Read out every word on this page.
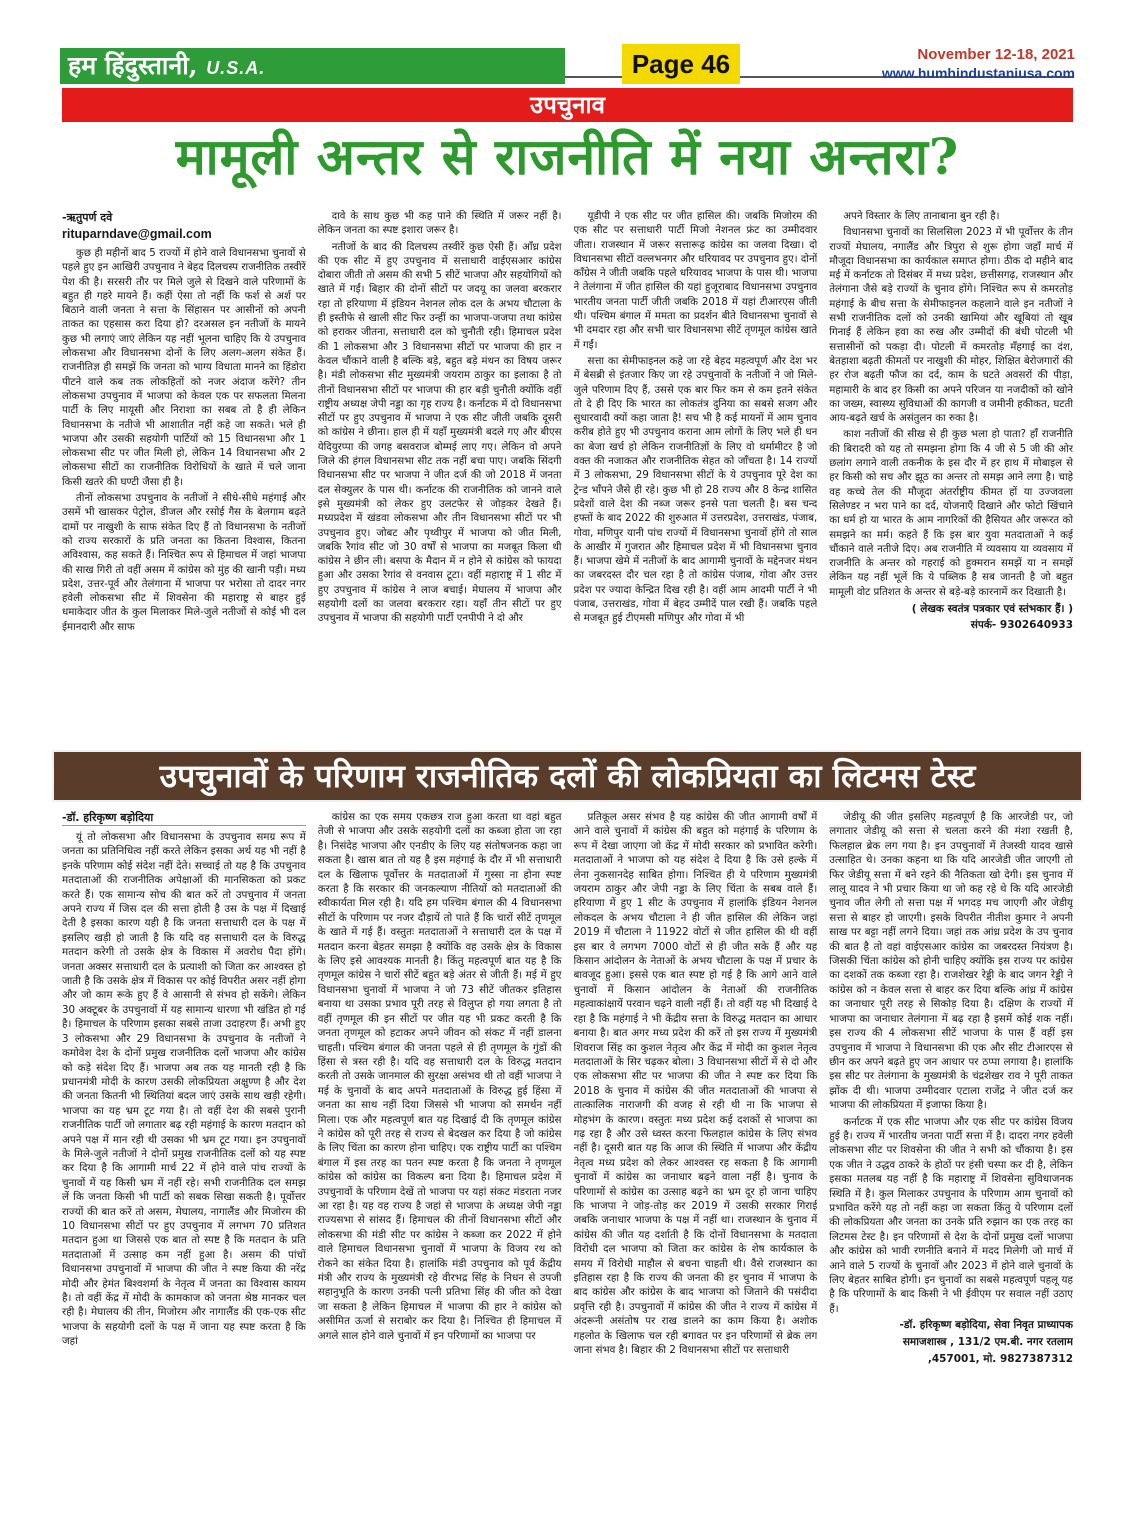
हम हिंदुस्तानी, U.S.A.	Page 46	November 12-18, 2021
www.humhindustaniusa.com
उपचुनाव
मामूली अन्तर से राजनीति में नया अन्तरा?
-ऋतुपर्ण दवे
rituparndave@gmail.com

कुछ ही महीनों बाद 5 राज्यों में होने वाले विधानसभा चुनावों से पहले हुए इन आखिरी उपचुनाव ने बेहद दिलचस्प राजनीतिक तस्वीरें पेश की है। सरसरी तौर पर मिले जुले से दिखने वाले परिणामों के बहुत ही गहरे मायने हैं। कहीं ऐसा तो नहीं कि फर्श से अर्श पर बिठाने वाली जनता ने सत्ता के सिंहासन पर आसीनों को अपनी ताकत का एहसास करा दिया हो? दरअसल इन नतीजों के मायने कुछ भी लगाएं जाएं लेकिन यह नहीं भूलना चाहिए कि ये उपचुनाव लोकसभा और विधानसभा दोनों के लिए अलग-अलग संकेत हैं। राजनीतिज्ञ ही समझें कि जनता को भाग्य विधाता मानने का हिंडोरा पीटने वाले कब तक लोकहितों को नजर अंदाज करेंगे? तीन लोकसभा उपचुनाव में भाजपा को केवल एक पर सफलता मिलना पार्टी के लिए मायूसी और निराशा का सबब तो है ही लेकिन विधानसभा के नतीजे भी आशातीत नहीं कहे जा सकते। भले ही भाजपा और उसकी सहयोगी पार्टियों को 15 विधानसभा और 1 लोकसभा सीट पर जीत मिली हो, लेकिन 14 विधानसभा और 2 लोकसभा सीटों का राजनीतिक विरोधियों के खाते में चले जाना किसी खतरे की घण्टी जैसा ही है।

तीनों लोकसभा उपचुनाव के नतीजों ने सीधे-सीधे महंगाई और उसमें भी खासकर पेट्रोल, डीजल और रसोई गैस के बेलगाम बढ़ते दामों पर नाखुशी के साफ संकेत दिए हैं तो विधानसभा के नतीजों को राज्य सरकारों के प्रति जनता का कितना विश्वास, कितना अविश्वास, कह सकते हैं। निश्चित रूप से हिमाचल में जहां भाजपा की साख गिरी तो वहीं असम में कांग्रेस को मुंह की खानी पड़ी। मध्य प्रदेश, उत्तर-पूर्व और तेलंगाना में भाजपा पर भरोसा तो दादर नगर हवेली लोकसभा सीट में शिवसेना की महाराष्ट्र से बाहर हुई धमाकेदार जीत के कुल मिलाकर मिले-जुले नतीजों से कोई भी दल ईमानदारी और साफ

दावे के साथ कुछ भी कह पाने की स्थिति में जरूर नहीं है। लेकिन जनता का स्पष्ट इशारा जरूर है।

नतीजों के बाद की दिलचस्प तस्वीरें कुछ ऐसी हैं। आँध्र प्रदेश की एक सीट में हुए उपचुनाव में सत्ताधारी वाईएसआर कांग्रेस दोबारा जीती तो असम की सभी 5 सीटें भाजपा और सहयोगियों को खाते में गईं। बिहार की दोनों सीटों पर जदयू का जलवा बरकरार रहा तो हरियाणा में इंडियन नेशनल लोक दल के अभय चौटाला के ही इस्तीफे से खाली सीट फिर उन्हीं का भाजपा-जजपा तथा कांग्रेस को हराकर जीतना, सत्ताधारी दल को चुनौती रही। हिमाचल प्रदेश की 1 लोकसभा और 3 विधानसभा सीटों पर भाजपा की हार न केवल चौंकाने वाली है बल्कि बड़े, बहुत बड़े मंथन का विषय जरूर है। मंडी लोकसभा सीट मुख्यमंत्री जयराम ठाकुर का इलाका है तो तीनों विधानसभा सीटों पर भाजपा की हार बड़ी चुनौती क्योंकि वहीं राष्ट्रीय अध्यक्ष जेपी नड्डा का गृह राज्य है। कर्नाटक में दो विधानसभा सीटों पर हुए उपचुनाव में भाजपा ने एक सीट जीती जबकि दूसरी को कांग्रेस ने छीना। हाल ही में यहाँ मुख्यमंत्री बदले गए और बीएस येदियुरप्पा की जगह बसवराज बोम्मई लाए गए। लेकिन वो अपने जिले की हंगल विधानसभा सीट तक नहीं बचा पाए। जबकि सिंदगी विधानसभा सीट पर भाजपा ने जीत दर्ज की जो 2018 में जनता दल सेक्युलर के पास थी। कर्नाटक की राजनीतिक को जानने वाले इसे मुख्यमंत्री को लेकर हुए उलटफेर से जोड़कर देखते हैं। मध्यप्रदेश में खंडवा लोकसभा और तीन विधानसभा सीटों पर भी उपचुनाव हुए। जोबट और पृथ्वीपुर में भाजपा को जीत मिली, जबकि रैगांव सीट जो 30 वर्षों से भाजपा का मजबूत किला थी कांग्रेस ने छीन ली। बसपा के मैदान में न होने से कांग्रेस को फायदा हुआ और उसका रैगांव से वनवास टूटा। वहीं महाराष्ट्र में 1 सीट में हुए उपचुनाव में कांग्रेस ने लाज बचाई। मेघालय में भाजपा और सहयोगी दलों का जलवा बरकरार रहा। यहाँ तीन सीटों पर हुए उपचुनाव में भाजपा की सहयोगी पार्टी एनपीपी ने दो और

यूडीपी ने एक सीट पर जीत हासिल की। जबकि मिजोरम की एक सीट पर सत्ताधारी पार्टी मिजो नेशनल फ्रंट का उम्मीदवार जीता। राजस्थान में जरूर सत्तारूढ़ कांग्रेस का जलवा दिखा। दो विधानसभा सीटों वल्लभनगर और धरियावद पर उपचुनाव हुए। दोनों कॉंग्रेस ने जीती जबकि पहले धरियावद भाजपा के पास थी। भाजपा ने तेलंगाना में जीत हासिल की यहां हुजूराबाद विधानसभा उपचुनाव भारतीय जनता पार्टी जीती जबकि 2018 में यहां टीआरएस जीती थी। पश्चिम बंगाल में ममता का प्रदर्शन बीते विधानसभा चुनावों से भी दमदार रहा और सभी चार विधानसभा सीटें तृणमूल कांग्रेस खाते में गईं।

सत्ता का सेमीफाइनल कहे जा रहे बेहद महत्वपूर्ण और देश भर में बेसब्री से इंतजार किए जा रहे उपचुनावों के नतीजों ने जो मिले-जुले परिणाम दिए हैं, उससे एक बार फिर कम से कम इतने संकेत तो दे ही दिए कि भारत का लोकतंत्र दुनिया का सबसे सजग और सुधारवादी क्यों कहा जाता है! सच भी है कई मायनों में आम चुनाव करीब होते हुए भी उपचुनाव कराना आम लोगों के लिए भले ही धन का बेजा खर्च हो लेकिन राजनीतिज्ञों के लिए वो थर्मामीटर है जो वक्त की नजाकत और राजनीतिक सेहत को जाँचता है। 14 राज्यों में 3 लोकसभा, 29 विधानसभा सीटों के ये उपचुनाव पूरे देश का ट्रेन्ड भाँपने जैसे ही रहे। कुछ भी हो 28 राज्य और 8 केन्द्र शासित प्रदेशों वाले देश की नब्ज जरूर इनसे पता चलती है। बस चन्द हफ्तों के बाद 2022 की शुरुआत में उत्तरप्रदेश, उत्तराखंड, पंजाब, गोवा, मणिपुर यानी पांच राज्यों में विधानसभा चुनावों होंगे तो साल के आखीर में गुजरात और हिमाचल प्रदेश में भी विधानसभा चुनाव हैं। भाजपा खेमे में नतीजों के बाद आगामी चुनावों के मद्देनजर मंथन का जबरदस्त दौर चल रहा है तो कांग्रेस पंजाब, गोवा और उत्तर प्रदेश पर ज्यादा केन्द्रित दिख रही है। वहीं आम आदमी पार्टी ने भी पंजाब, उत्तराखंड, गोवा में बेहद उम्मीदें पाल रखी हैं। जबकि पहले से मजबूत हुई टीएमसी मणिपुर और गोवा में भी

अपने विस्तार के लिए तानाबाना बुन रही है।

विधानसभा चुनावों का सिलसिला 2023 में भी पूर्वोत्तर के तीन राज्यों मेघालय, नगालैंड और त्रिपुरा से शुरू होगा जहाँ मार्च में मौजूदा विधानसभा का कार्यकाल समाप्त होगा। ठीक दो महीने बाद मई में कर्नाटक तो दिसंबर में मध्य प्रदेश, छत्तीसगढ़, राजस्थान और तेलंगाना जैसे बड़े राज्यों के चुनाव होंगे। निश्चित रूप से कमरतोड़ महंगाई के बीच सत्ता के सेमीफाइनल कहलाने वाले इन नतीजों ने सभी राजनीतिक दलों को उनकी खामियां और खूबियां तो खूब गिनाई हैं लेकिन हवा का रुख और उम्मीदों की बंधी पोटली भी सत्तासीनों को पकड़ा दी। पोटली में कमरतोड़ मँहगाई का दंश, बेतहाशा बढ़ती कीमतों पर नाखुशी की मोहर, शिक्षित बेरोजगारों की हर रोज बढ़ती फौज का दर्द, काम के घटते अवसरों की पीड़ा, महामारी के बाद हर किसी का अपने परिजन या नजदीकों को खोने का जख्म, स्वास्थ्य सुविधाओं की कागजी व जमीनी हकीकत, घटती आय-बढ़ते खर्च के असंतुलन का रुका है।

काश नतीजों की सीख से ही कुछ भला हो पाता? हाँ राजनीति की बिरादरी को यह तो समझना होगा कि 4 जी से 5 जी की ओर छलांग लगाने वाली तकनीक के इस दौर में हर हाथ में मोबाइल से हर किसी को सच और झूठ का अन्तर तो समझ आने लगा है। चाहे वह कच्चे तेल की मौजूदा अंतर्राष्ट्रीय कीमत हों या उज्जवला सिलेण्डर न भरा पाने का दर्द, योजनाएँ दिखाने और फोटो खिंचाने का धर्म हो या भारत के आम नागरिकों की हैसियत और जरूरत को समझने का मर्म। कहते हैं कि इस बार युवा मतदाताओं ने कई चौंकाने वाले नतीजे दिए। अब राजनीति में व्यवसाय या व्यवसाय में राजनीति के अन्तर को गहराई को हुक्मरान समझें या न समझें लेकिन यह नहीं भूलें कि ये पब्लिक है सब जानती है जो बहुत मामूली वोट प्रतिशत के अन्तर से बड़े-बड़े कारनामें कर दिखाती है।

( लेखक स्वतंत्र पत्रकार एवं स्तंभकार हैं। )
संपर्क- 9302640933
उपचुनावों के परिणाम राजनीतिक दलों की लोकप्रियता का लिटमस टेस्ट
-डॉ. हरिकृष्ण बड़ोदिया

यूं तो लोकसभा और विधानसभा के उपचुनाव समग्र रूप में जनता का प्रतिनिधित्व नहीं करते लेकिन इसका अर्थ यह भी नहीं है इनके परिणाम कोई संदेश नहीं देते। सच्चाई तो यह है कि उपचुनाव मतदाताओं की राजनीतिक अपेक्षाओं की मानसिकता को प्रकट करते हैं। एक सामान्य सोच की बात करें तो उपचुनाव में जनता अपने राज्य में जिस दल की सत्ता होती है उस के पक्ष में दिखाई देती है इसका कारण यही है कि जनता सत्ताधारी दल के पक्ष में इसलिए खड़ी हो जाती है कि यदि वह सत्ताधारी दल के विरुद्ध मतदान करेगी तो उसके क्षेत्र के विकास में अवरोध पैदा होंगे। जनता अक्सर सत्ताधारी दल के प्रत्याशी को जिता कर आश्वस्त हो जाती है कि उसके क्षेत्र में विकास पर कोई विपरीत असर नहीं होगा और जो काम रूके हुए हैं वे आसानी से संभव हो सकेंगे। लेकिन 30 अक्टूबर के उपचुनावों में यह सामान्य धारणा भी खंडित हो गई है। हिमाचल के परिणाम इसका सबसे ताजा उदाहरण हैं। अभी हुए 3 लोकसभा और 29 विधानसभा के उपचुनाव के नतीजों ने कमोवेश देश के दोनों प्रमुख राजनीतिक दलों भाजपा और कांग्रेस को कड़े संदेश दिए हैं। भाजपा अब तक यह मानती रही है कि प्रधानमंत्री मोदी के कारण उसकी लोकप्रियता अक्षुण्ण है और देश की जनता कितनी भी स्थितियां बदल जाएं उसके साथ खड़ी रहेगी। भाजपा का यह भ्रम टूट गया है। तो वहीं देश की सबसे पुरानी राजनीतिक पार्टी जो लगातार बढ़ रही महंगाई के कारण मतदान को अपने पक्ष में मान रही थी उसका भी भ्रम टूट गया। इन उपचुनावों के मिले-जुले नतीजों ने दोनों प्रमुख राजनीतिक दलों को यह स्पष्ट कर दिया है कि आगामी मार्च 22 में होने वाले पांच राज्यों के चुनावों में यह किसी भ्रम में नहीं रहे। सभी राजनीतिक दल समझ लें कि जनता किसी भी पार्टी को सबक सिखा सकती है। पूर्वोत्तर राज्यों की बात करें तो असम, मेघालय, नागालैंड और मिजोरम की 10 विधानसभा सीटों पर हुए उपचुनाव में लगभग 70 प्रतिशत मतदान हुआ था जिससे एक बात तो स्पष्ट है कि मतदान के प्रति मतदाताओं में उत्साह कम नहीं हुआ है। असम की पांचों विधानसभा उपचुनावों में भाजपा की जीत ने स्पष्ट किया की नरेंद्र मोदी और हेमंत बिश्वशर्मा के नेतृत्व में जनता का विश्वास कायम है। तो वहीं केंद्र में मोदी के कामकाज को जनता श्रेष्ठ मानकर चल रही है। मेघालय की तीन, मिजोरम और नागालैंड की एक-एक सीट भाजपा के सहयोगी दलों के पक्ष में जाना यह स्पष्ट करता है कि जहां

कांग्रेस का एक समय एकछत्र राज हुआ करता था वहां बहुत तेजी से भाजपा और उसके सहयोगी दलों का कब्जा होता जा रहा है। निसंदेह भाजपा और एनडीए के लिए यह संतोषजनक कहा जा सकता है। खास बात तो यह है इस महंगाई के दौर में भी सत्ताधारी दल के खिलाफ पूर्वोत्तर के मतदाताओं में गुस्सा ना होना स्पष्ट करता है कि सरकार की जनकल्याण नीतियों को मतदाताओं की स्वीकार्यता मिल रही है। यदि हम पश्चिम बंगाल की 4 विधानसभा सीटों के परिणाम पर नजर दौड़ायें तो पाते हैं कि चारों सीटें तृणमूल के खाते में गई हैं। वस्तुतः मतदाताओं ने सत्ताधारी दल के पक्ष में मतदान करना बेहतर समझा है क्योंकि वह उसके क्षेत्र के विकास के लिए इसे आवश्यक मानती है। किंतु महत्वपूर्ण बात यह है कि तृणमूल कांग्रेस ने चारों सीटें बहुत बड़े अंतर से जीती हैं। मई में हुए विधानसभा चुनावों में भाजपा ने जो 73 सीटें जीतकर इतिहास बनाया था उसका प्रभाव पूरी तरह से विलुप्त हो गया लगता है तो वहीं तृणमूल की इन सीटों पर जीत यह भी प्रकट करती है कि जनता तृणमूल को हटाकर अपने जीवन को संकट में नहीं डालना चाहती। पश्चिम बंगाल की जनता पहले से ही तृणमूल के गुंडों की हिंसा से त्रस्त रही है। यदि वह सत्ताधारी दल के विरुद्ध मतदान करती तो उसके जानमाल की सुरक्षा असंभव थी तो वहीं भाजपा ने मई के चुनावों के बाद अपने मतदाताओं के विरुद्ध हुई हिंसा में जनता का साथ नहीं दिया जिससे भी भाजपा को समर्थन नहीं मिला। एक और महत्वपूर्ण बात यह दिखाई दी कि तृणमूल कांग्रेस ने कांग्रेस को पूरी तरह से राज्य से बेदखल कर दिया है जो कांग्रेस के लिए चिंता का कारण होना चाहिए। एक राष्ट्रीय पार्टी का पश्चिम बंगाल में इस तरह का पतन स्पष्ट करता है कि जनता ने तृणमूल कांग्रेस को कांग्रेस का विकल्प बना दिया है। हिमाचल प्रदेश में उपचुनावों के परिणाम देखें तो भाजपा पर यहां संकट मंडराता नजर आ रहा है। यह वह राज्य है जहां से भाजपा के अध्यक्ष जेपी नड्डा राज्यसभा से सांसद हैं। हिमाचल की तीनों विधानसभा सीटों और लोकसभा की मंडी सीट पर कांग्रेस ने कब्जा कर 2022 में होने वाले हिमाचल विधानसभा चुनावों में भाजपा के विजय रथ को रोकने का संकेत दिया है। हालांकि मंडी उपचुनाव को पूर्व केंद्रीय मंत्री और राज्य के मुख्यमंत्री रहे वीरभद्र सिंह के निधन से उपजी सहानुभूति के कारण उनकी पत्नी प्रतिभा सिंह की जीत को देखा जा सकता है लेकिन हिमाचल में भाजपा की हार ने कांग्रेस को असीमित ऊर्जा से सराबोर कर दिया है। निश्चित ही हिमाचल में अगले साल होने वाले चुनावों में इन परिणामों का भाजपा पर

प्रतिकूल असर संभव है यह कांग्रेस की जीत आगामी वर्षों में आने वाले चुनावों में कांग्रेस की बहुत को महंगाई के परिणाम के रूप में देखा जाएगा जो केंद्र में मोदी सरकार को प्रभावित करेगी। मतदाताओं ने भाजपा को यह संदेश दे दिया है कि उसे हल्के में लेना नुकसानदेह साबित होगा। निश्चित ही ये परिणाम मुख्यमंत्री जयराम ठाकुर और जेपी नड्डा के लिए चिंता के सबब वाले हैं। हरियाणा में हुए 1 सीट के उपचुनाव में हालांकि इंडियन नेशनल लोकदल के अभय चौटाला ने ही जीत हासिल की लेकिन जहां 2019 में चौटाला ने 11922 वोटों से जीत हासिल की थी वहीं इस बार वे लगभग 7000 वोटों से ही जीत सके हैं और यह किसान आंदोलन के नेताओं के अभय चौटाला के पक्ष में प्रचार के बावजूद हुआ। इससे एक बात स्पष्ट हो गई है कि आगे आने वाले चुनावों में किसान आंदोलन के नेताओं की राजनीतिक महत्वाकांक्षायें परवान चढ़ने वाली नहीं हैं। तो वहीं यह भी दिखाई दे रहा है कि महंगाई ने भी केंद्रीय सत्ता के विरुद्ध मतदान का आधार बनाया है। बात अगर मध्य प्रदेश की करें तो इस राज्य में मुख्यमंत्री शिवराज सिंह का कुशल नेतृत्व और केंद्र में मोदी का कुशल नेतृत्व मतदाताओं के सिर चढ़कर बोला। 3 विधानसभा सीटों में से दो और एक लोकसभा सीट पर भाजपा की जीत ने स्पष्ट कर दिया कि 2018 के चुनाव में कांग्रेस की जीत मतदाताओं की भाजपा से तात्कालिक नाराजगी की वजह से रही थी ना कि भाजपा से मोहभंग के कारण। वस्तुतः मध्य प्रदेश कई दशकों से भाजपा का गढ़ रहा है और उसे ध्वस्त करना फिलहाल कांग्रेस के लिए संभव नहीं है। दूसरी बात यह कि आज की स्थिति में भाजपा और केंद्रीय नेतृत्व मध्य प्रदेश को लेकर आश्वस्त रह सकता है कि आगामी चुनावों में कांग्रेस का जनाधार बढ़ने वाला नहीं है। चुनाव के परिणामों से कांग्रेस का उत्साह बढ़ने का भ्रम दूर हो जाना चाहिए कि भाजपा ने जोड़-तोड़ कर 2019 में उसकी सरकार गिराई जबकि जनाधार भाजपा के पक्ष में नहीं था। राजस्थान के चुनाव में कांग्रेस की जीत यह दर्शाती है कि दोनों विधानसभा के मतदाता विरोधी दल भाजपा को जिता कर कांग्रेस के शेष कार्यकाल के समय में विरोधी माहौल से बचना चाहती थी। वैसे राजस्थान का इतिहास रहा है कि राज्य की जनता की हर चुनाव में भाजपा के बाद कांग्रेस और कांग्रेस के बाद भाजपा को जिताने की पसंदीदा प्रवृत्ति रही है। उपचुनावों में कांग्रेस की जीत ने राज्य में कांग्रेस में अंदरूनी असंतोष पर राख डालने का काम किया है। अशोक गहलोत के खिलाफ चल रही बगावत पर इन परिणामों से ब्रेक लग जाना संभव है। बिहार की 2 विधानसभा सीटों पर सत्ताधारी

जेडीयू की जीत इसलिए महत्वपूर्ण है कि आरजेडी पर, जो लगातार जेडीयू को सत्ता से चलता करने की मंशा रखती है, फिलहाल ब्रेक लग गया है। इन उपचुनावों में तेजस्वी यादव खासे उत्साहित थे। उनका कहना था कि यदि आरजेडी जीत जाएगी तो फिर जेडीयू सत्ता में बने रहने की नैतिकता खो देगी। इस चुनाव में लालू यादव ने भी प्रचार किया था जो कह रहे थे कि यदि आरजेडी चुनाव जीत लेगी तो सत्ता पक्ष में भगदड़ मच जाएगी और जेडीयू सत्ता से बाहर हो जाएगी। इसके विपरीत नीतीश कुमार ने अपनी साख पर बट्टा नहीं लगने दिया। जहां तक आंध्र प्रदेश के उप चुनाव की बात है तो वहां वाईएसआर कांग्रेस का जबरदस्त नियंत्रण है। जिसकी चिंता कांग्रेस को होनी चाहिए क्योंकि इस राज्य पर कांग्रेस का दशकों तक कब्जा रहा है। राजशेखर रेड्डी के बाद जगन रेड्डी ने कांग्रेस को न केवल सत्ता से बाहर कर दिया बल्कि आंध्र में कांग्रेस का जनाधार पूरी तरह से सिकोड़ दिया है। दक्षिण के राज्यों में भाजपा का जनाधार तेलंगाना में बढ़ रहा है इसमें कोई शक नहीं। इस राज्य की 4 लोकसभा सीटें भाजपा के पास हैं वहीं इस उपचुनाव में भाजपा ने विधानसभा की एक और सीट टीआरएस से छीन कर अपने बढ़ते हुए जन आधार पर ठप्पा लगाया है। हालांकि इस सीट पर तेलंगाना के मुख्यमंत्री के चंद्रशेखर राव ने पूरी ताकत झोंक दी थी। भाजपा उम्मीदवार एटाला राजेंद्र ने जीत दर्ज कर भाजपा की लोकप्रियता में इजाफा किया है।

कर्नाटक में एक सीट भाजपा और एक सीट पर कांग्रेस विजय हुई है। राज्य में भारतीय जनता पार्टी सत्ता में है। दादरा नगर हवेली लोकसभा सीट पर शिवसेना की जीत ने सभी को चौंकाया है। इस एक जीत ने उद्धव ठाकरे के होठों पर हंसी चस्पा कर दी है, लेकिन इसका मतलब यह नहीं है कि महाराष्ट्र में शिवसेना सुविधाजनक स्थिति में है। कुल मिलाकर उपचुनाव के परिणाम आम चुनावों को प्रभावित करेंगे यह तो नहीं कहा जा सकता किंतु ये परिणाम दलों की लोकप्रियता और जनता का उनके प्रति रुझान का एक तरह का लिटमस टेस्ट है। इन परिणामों से देश के दोनों प्रमुख दलों भाजपा और कांग्रेस को भावी रणनीति बनाने में मदद मिलेगी जो मार्च में आने वाले 5 राज्यों के चुनावों और 2023 में होने वाले चुनावों के लिए बेहतर साबित होगी। इन चुनावों का सबसे महत्वपूर्ण पहलू यह है कि परिणामों के बाद किसी ने भी ईवीएम पर सवाल नहीं उठाए हैं।

-डॉ. हरिकृष्ण बड़ोदिया, सेवा निवृत प्राध्यापक
समाजशास्त्र , 131/2 एम.बी. नगर रतलाम
,457001, मो. 9827387312
